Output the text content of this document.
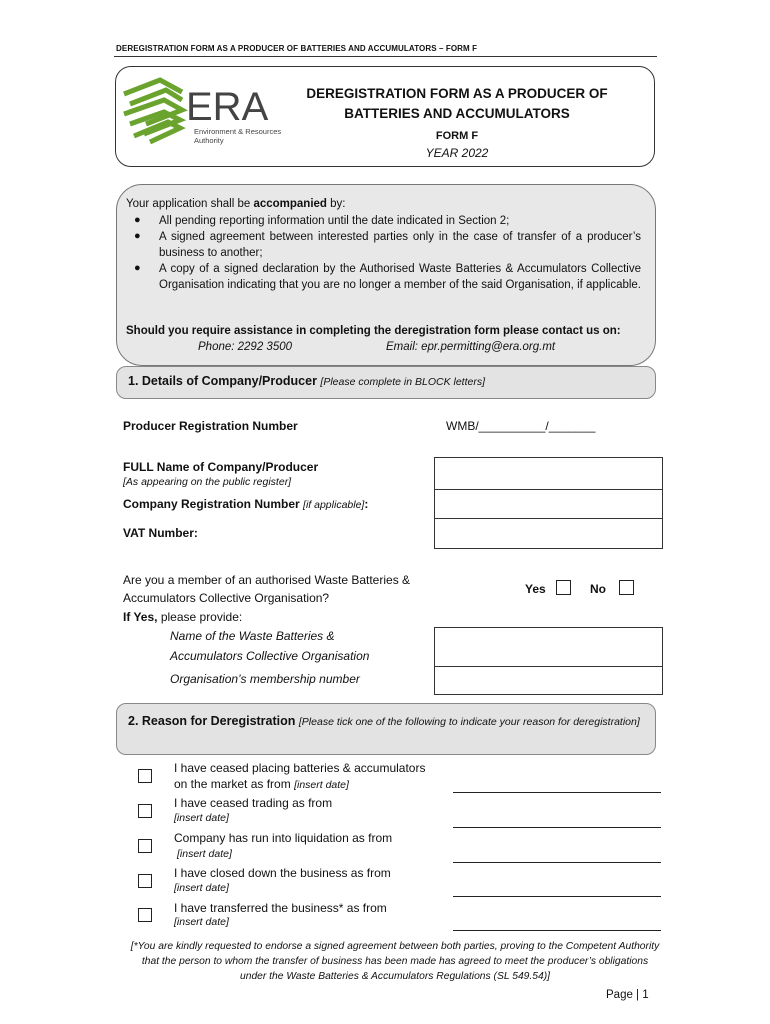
DEREGISTRATION FORM AS A PRODUCER OF BATTERIES AND ACCUMULATORS – FORM F
ERA
Environment & Resources
Authority
DEREGISTRATION FORM AS A PRODUCER OF
BATTERIES AND ACCUMULATORS
FORM F
YEAR 2022
Your application shall be accompanied by:
● All pending reporting information until the date indicated in Section 2;
● A signed agreement between interested parties only in the case of transfer of a producer’s business to another;
● A copy of a signed declaration by the Authorised Waste Batteries & Accumulators Collective Organisation indicating that you are no longer a member of the said Organisation, if applicable.
Should you require assistance in completing the deregistration form please contact us on:
Phone: 2292 3500	Email: epr.permitting@era.org.mt
1. Details of Company/Producer [Please complete in BLOCK letters]
Producer Registration Number	WMB/__________/_______
FULL Name of Company/Producer
[As appearing on the public register]
Company Registration Number [if applicable]:
VAT Number:
Are you a member of an authorised Waste Batteries &
Accumulators Collective Organisation?
Yes	No
If Yes, please provide:
Name of the Waste Batteries &
Accumulators Collective Organisation
Organisation’s membership number
2. Reason for Deregistration [Please tick one of the following to indicate your reason for deregistration]
I have ceased placing batteries & accumulators
on the market as from [insert date]
I have ceased trading as from
[insert date]
Company has run into liquidation as from
[insert date]
I have closed down the business as from
[insert date]
I have transferred the business* as from
[insert date]
[*You are kindly requested to endorse a signed agreement between both parties, proving to the Competent Authority that the person to whom the transfer of business has been made has agreed to meet the producer’s obligations under the Waste Batteries & Accumulators Regulations (SL 549.54)]
Page | 1
